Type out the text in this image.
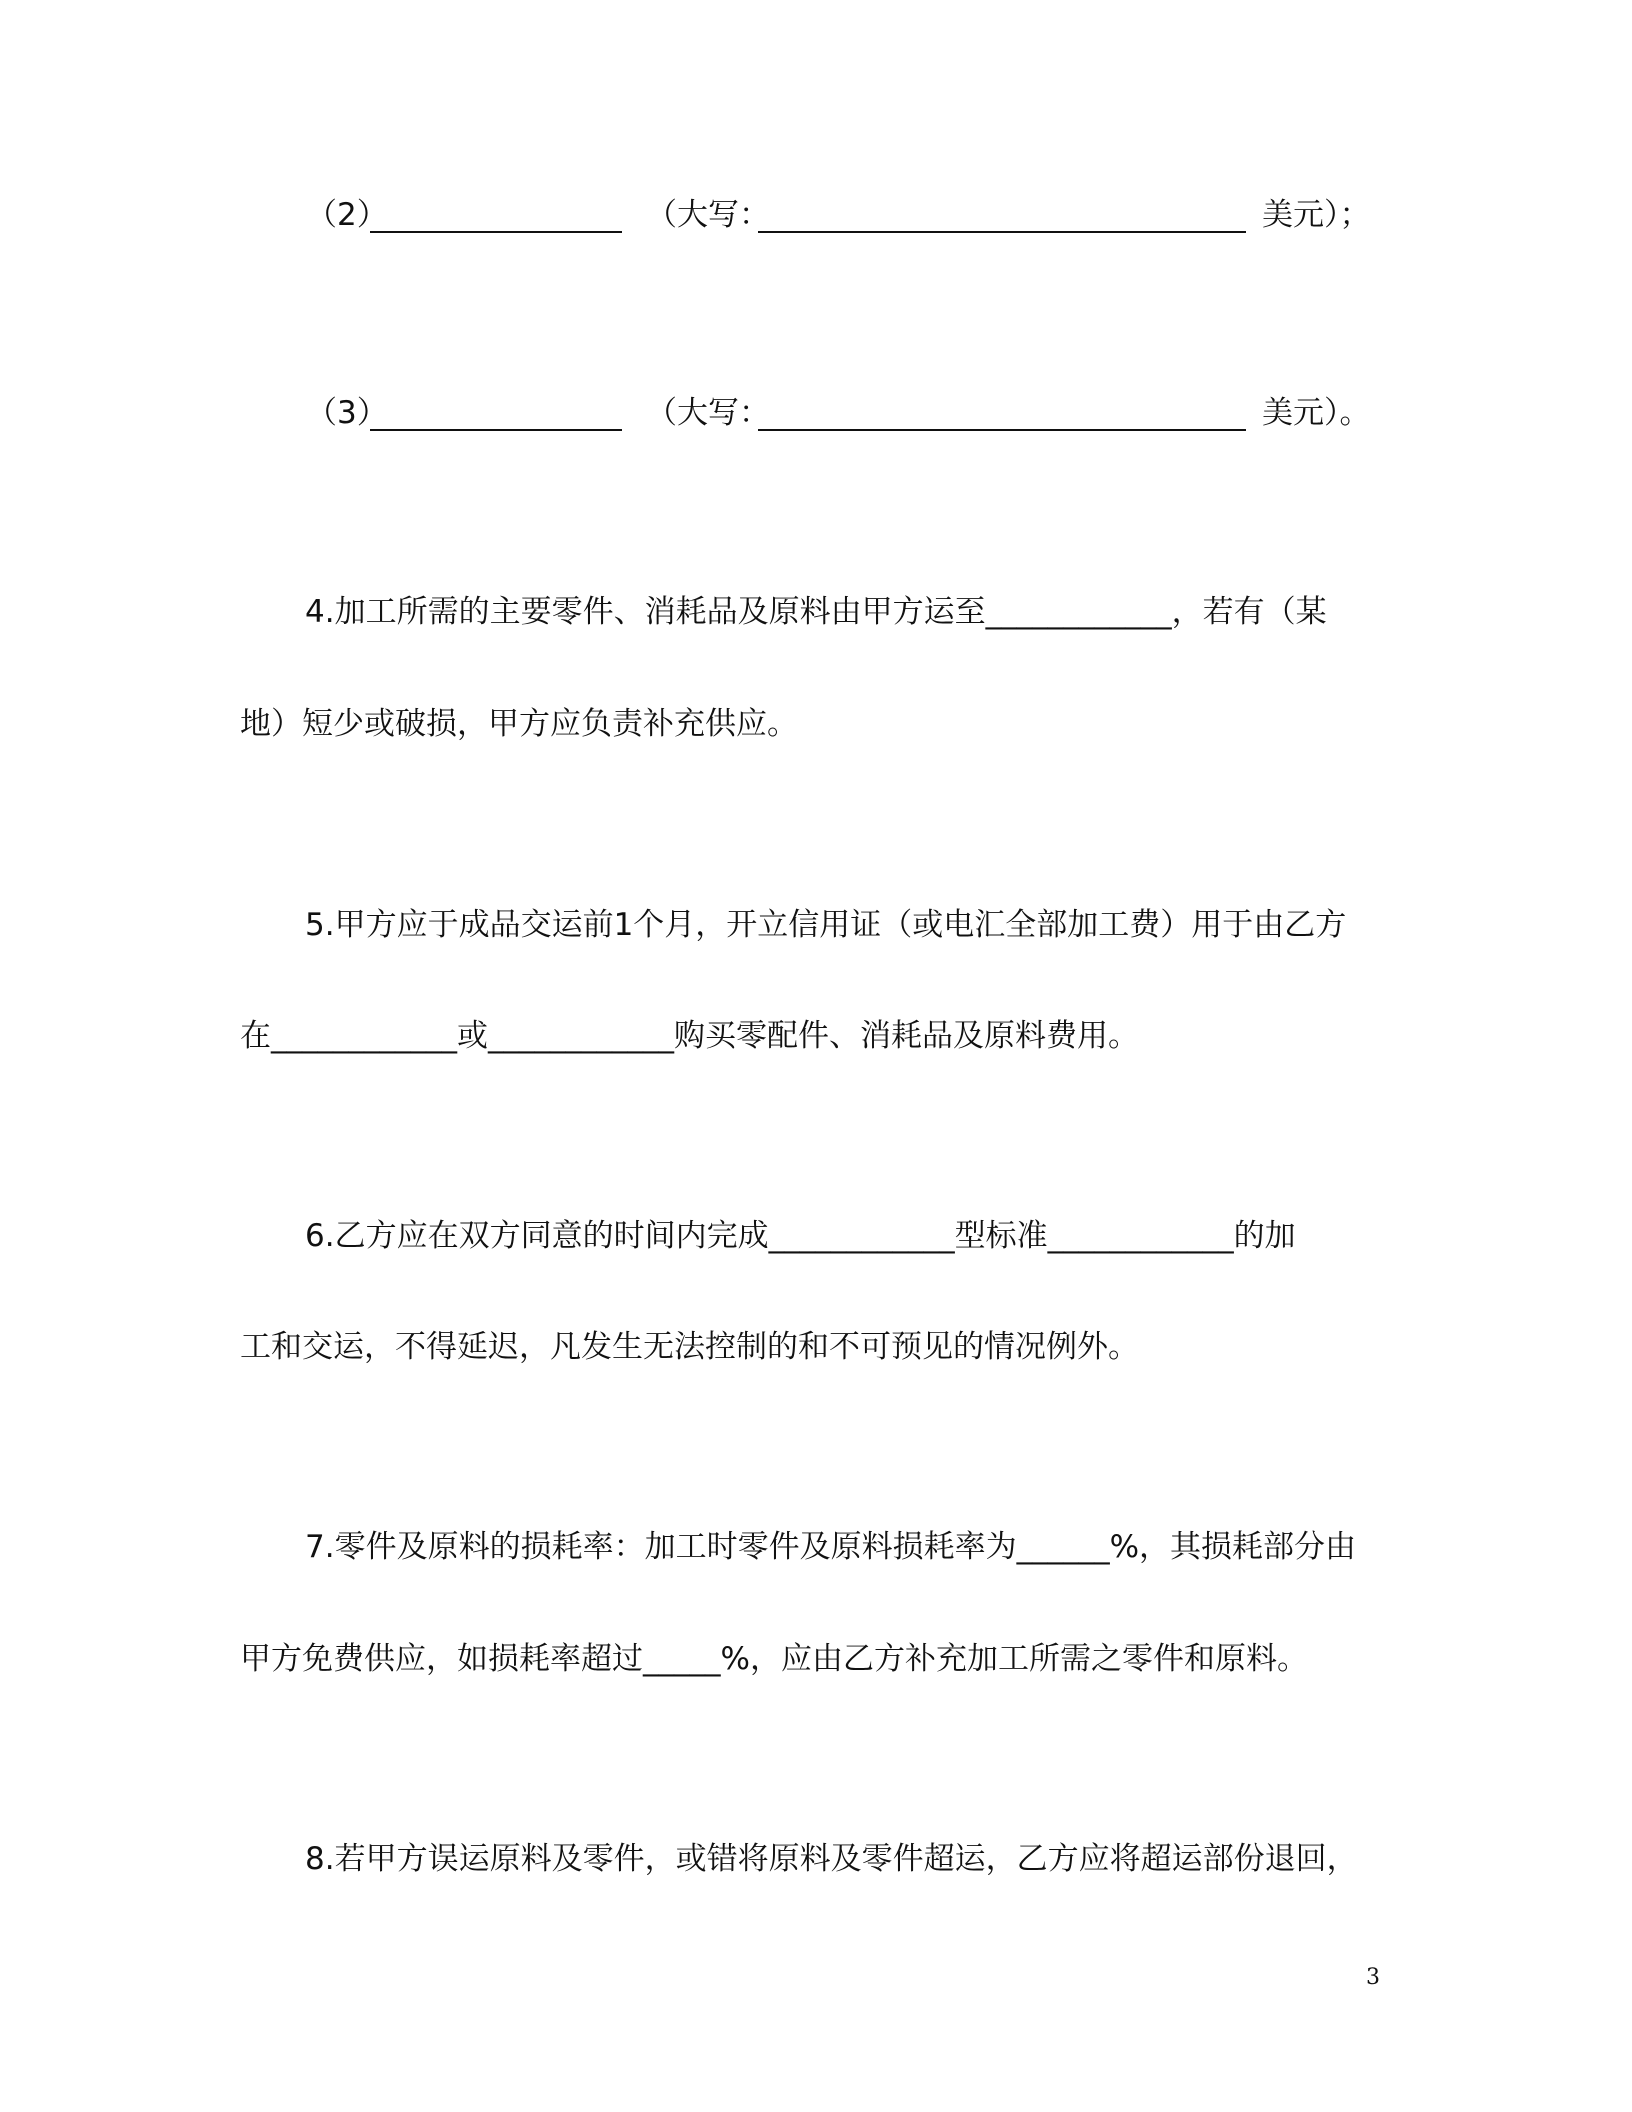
（2）	（大写：	美元）；
（3）	（大写：	美元）。
4.加工所需的主要零件、消耗品及原料由甲方运至____________，若有（某
地）短少或破损，甲方应负责补充供应。
5.甲方应于成品交运前1个月，开立信用证（或电汇全部加工费）用于由乙方
在____________或____________购买零配件、消耗品及原料费用。
6.乙方应在双方同意的时间内完成____________型标准____________的加
工和交运，不得延迟，凡发生无法控制的和不可预见的情况例外。
7.零件及原料的损耗率：加工时零件及原料损耗率为______%，其损耗部分由
甲方免费供应，如损耗率超过_____%，应由乙方补充加工所需之零件和原料。
8.若甲方误运原料及零件，或错将原料及零件超运，乙方应将超运部份退回，
3
